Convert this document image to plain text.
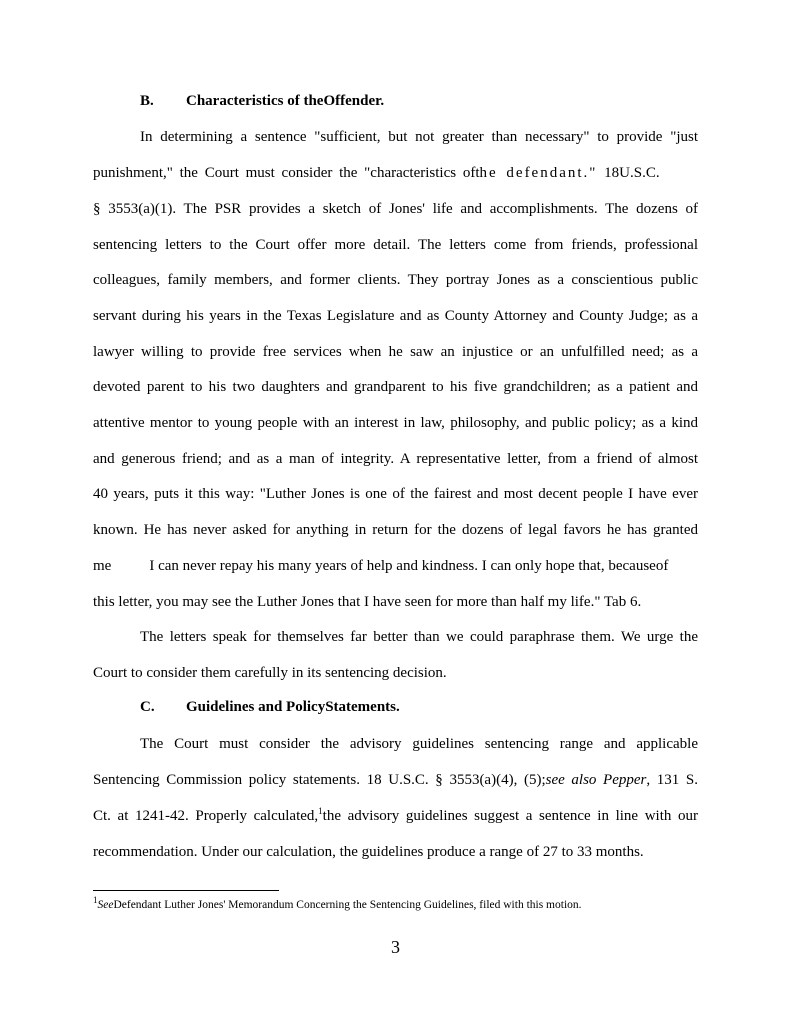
B. Characteristics of theOffender.
In determining a sentence "sufficient, but not greater than necessary" to provide "just
punishment," the Court must consider the "characteristics ofthe defendant." 18U.S.C.
§ 3553(a)(1). The PSR provides a sketch of Jones' life and accomplishments. The dozens of
sentencing letters to the Court offer more detail. The letters come from friends, professional
colleagues, family members, and former clients. They portray Jones as a conscientious public
servant during his years in the Texas Legislature and as County Attorney and County Judge; as a
lawyer willing to provide free services when he saw an injustice or an unfulfilled need; as a
devoted parent to his two daughters and grandparent to his five grandchildren; as a patient and
attentive mentor to young people with an interest in law, philosophy, and public policy; as a kind
and generous friend; and as a man of integrity. A representative letter, from a friend of almost
40 years, puts it this way: "Luther Jones is one of the fairest and most decent people I have ever
known. He has never asked for anything in return for the dozens of legal favors he has granted
me	I can never repay his many years of help and kindness. I can only hope that, becauseof
this letter, you may see the Luther Jones that I have seen for more than half my life." Tab 6.
The letters speak for themselves far better than we could paraphrase them. We urge the
Court to consider them carefully in its sentencing decision.
C. Guidelines and PolicyStatements.
The Court must consider the advisory guidelines sentencing range and applicable
Sentencing Commission policy statements. 18 U.S.C. § 3553(a)(4), (5);see also Pepper, 131 S.
Ct. at 1241-42. Properly calculated,$^1$the advisory guidelines suggest a sentence in line with our
recommendation. Under our calculation, the guidelines produce a range of 27 to 33 months.
$^1$SeeDefendant Luther Jones' Memorandum Concerning the Sentencing Guidelines, filed with this motion.
3
